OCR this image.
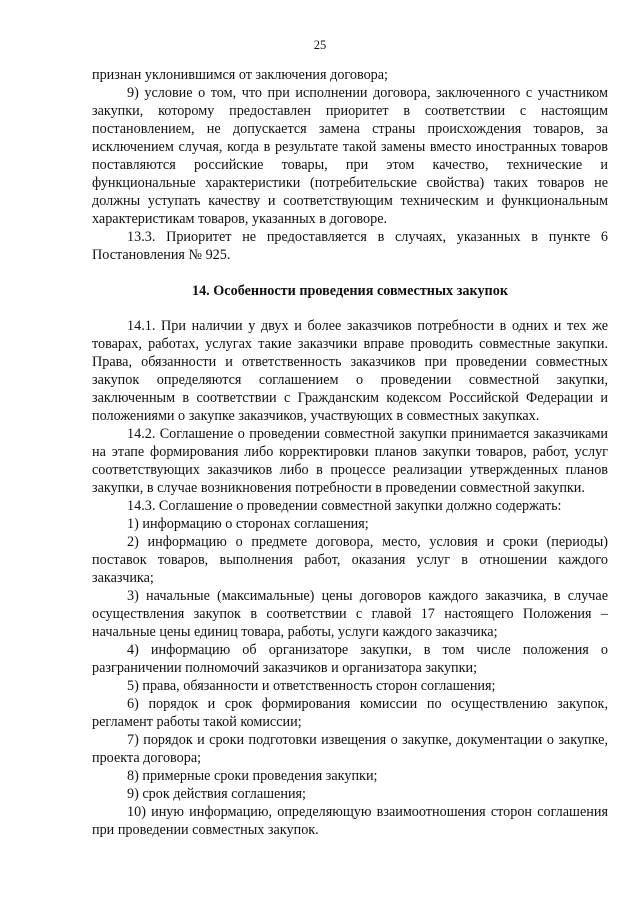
25

признан уклонившимся от заключения договора;

9) условие о том, что при исполнении договора, заключенного с участником закупки, которому предоставлен приоритет в соответствии с настоящим постановлением, не допускается замена страны происхождения товаров, за исключением случая, когда в результате такой замены вместо иностранных товаров поставляются российские товары, при этом качество, технические и функциональные характеристики (потребительские свойства) таких товаров не должны уступать качеству и соответствующим техническим и функциональным характеристикам товаров, указанных в договоре.

13.3. Приоритет не предоставляется в случаях, указанных в пункте 6 Постановления № 925.

14. Особенности проведения совместных закупок

14.1. При наличии у двух и более заказчиков потребности в одних и тех же товарах, работах, услугах такие заказчики вправе проводить совместные закупки. Права, обязанности и ответственность заказчиков при проведении совместных закупок определяются соглашением о проведении совместной закупки, заключенным в соответствии с Гражданским кодексом Российской Федерации и положениями о закупке заказчиков, участвующих в совместных закупках.

14.2. Соглашение о проведении совместной закупки принимается заказчиками на этапе формирования либо корректировки планов закупки товаров, работ, услуг соответствующих заказчиков либо в процессе реализации утвержденных планов закупки, в случае возникновения потребности в проведении совместной закупки.

14.3. Соглашение о проведении совместной закупки должно содержать:

1) информацию о сторонах соглашения;

2) информацию о предмете договора, место, условия и сроки (периоды) поставок товаров, выполнения работ, оказания услуг в отношении каждого заказчика;

3) начальные (максимальные) цены договоров каждого заказчика, в случае осуществления закупок в соответствии с главой 17 настоящего Положения – начальные цены единиц товара, работы, услуги каждого заказчика;

4) информацию об организаторе закупки, в том числе положения о разграничении полномочий заказчиков и организатора закупки;

5) права, обязанности и ответственность сторон соглашения;

6) порядок и срок формирования комиссии по осуществлению закупок, регламент работы такой комиссии;

7) порядок и сроки подготовки извещения о закупке, документации о закупке, проекта договора;

8) примерные сроки проведения закупки;

9) срок действия соглашения;

10) иную информацию, определяющую взаимоотношения сторон соглашения при проведении совместных закупок.
